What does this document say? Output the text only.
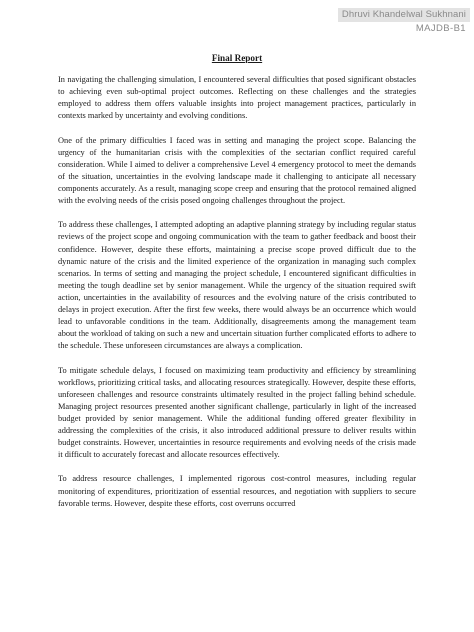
Dhruvi Khandelwal Sukhnani
MAJDB-B1
Final Report

In navigating the challenging simulation, I encountered several difficulties that posed significant obstacles to achieving even sub-optimal project outcomes. Reflecting on these challenges and the strategies employed to address them offers valuable insights into project management practices, particularly in contexts marked by uncertainty and evolving conditions.

One of the primary difficulties I faced was in setting and managing the project scope. Balancing the urgency of the humanitarian crisis with the complexities of the sectarian conflict required careful consideration. While I aimed to deliver a comprehensive Level 4 emergency protocol to meet the demands of the situation, uncertainties in the evolving landscape made it challenging to anticipate all necessary components accurately. As a result, managing scope creep and ensuring that the protocol remained aligned with the evolving needs of the crisis posed ongoing challenges throughout the project.

To address these challenges, I attempted adopting an adaptive planning strategy by including regular status reviews of the project scope and ongoing communication with the team to gather feedback and boost their confidence. However, despite these efforts, maintaining a precise scope proved difficult due to the dynamic nature of the crisis and the limited experience of the organization in managing such complex scenarios. In terms of setting and managing the project schedule, I encountered significant difficulties in meeting the tough deadline set by senior management. While the urgency of the situation required swift action, uncertainties in the availability of resources and the evolving nature of the crisis contributed to delays in project execution. After the first few weeks, there would always be an occurrence which would lead to unfavorable conditions in the team. Additionally, disagreements among the management team about the workload of taking on such a new and uncertain situation further complicated efforts to adhere to the schedule. These unforeseen circumstances are always a complication.

To mitigate schedule delays, I focused on maximizing team productivity and efficiency by streamlining workflows, prioritizing critical tasks, and allocating resources strategically. However, despite these efforts, unforeseen challenges and resource constraints ultimately resulted in the project falling behind schedule. Managing project resources presented another significant challenge, particularly in light of the increased budget provided by senior management. While the additional funding offered greater flexibility in addressing the complexities of the crisis, it also introduced additional pressure to deliver results within budget constraints. However, uncertainties in resource requirements and evolving needs of the crisis made it difficult to accurately forecast and allocate resources effectively.

To address resource challenges, I implemented rigorous cost-control measures, including regular monitoring of expenditures, prioritization of essential resources, and negotiation with suppliers to secure favorable terms. However, despite these efforts, cost overruns occurred
